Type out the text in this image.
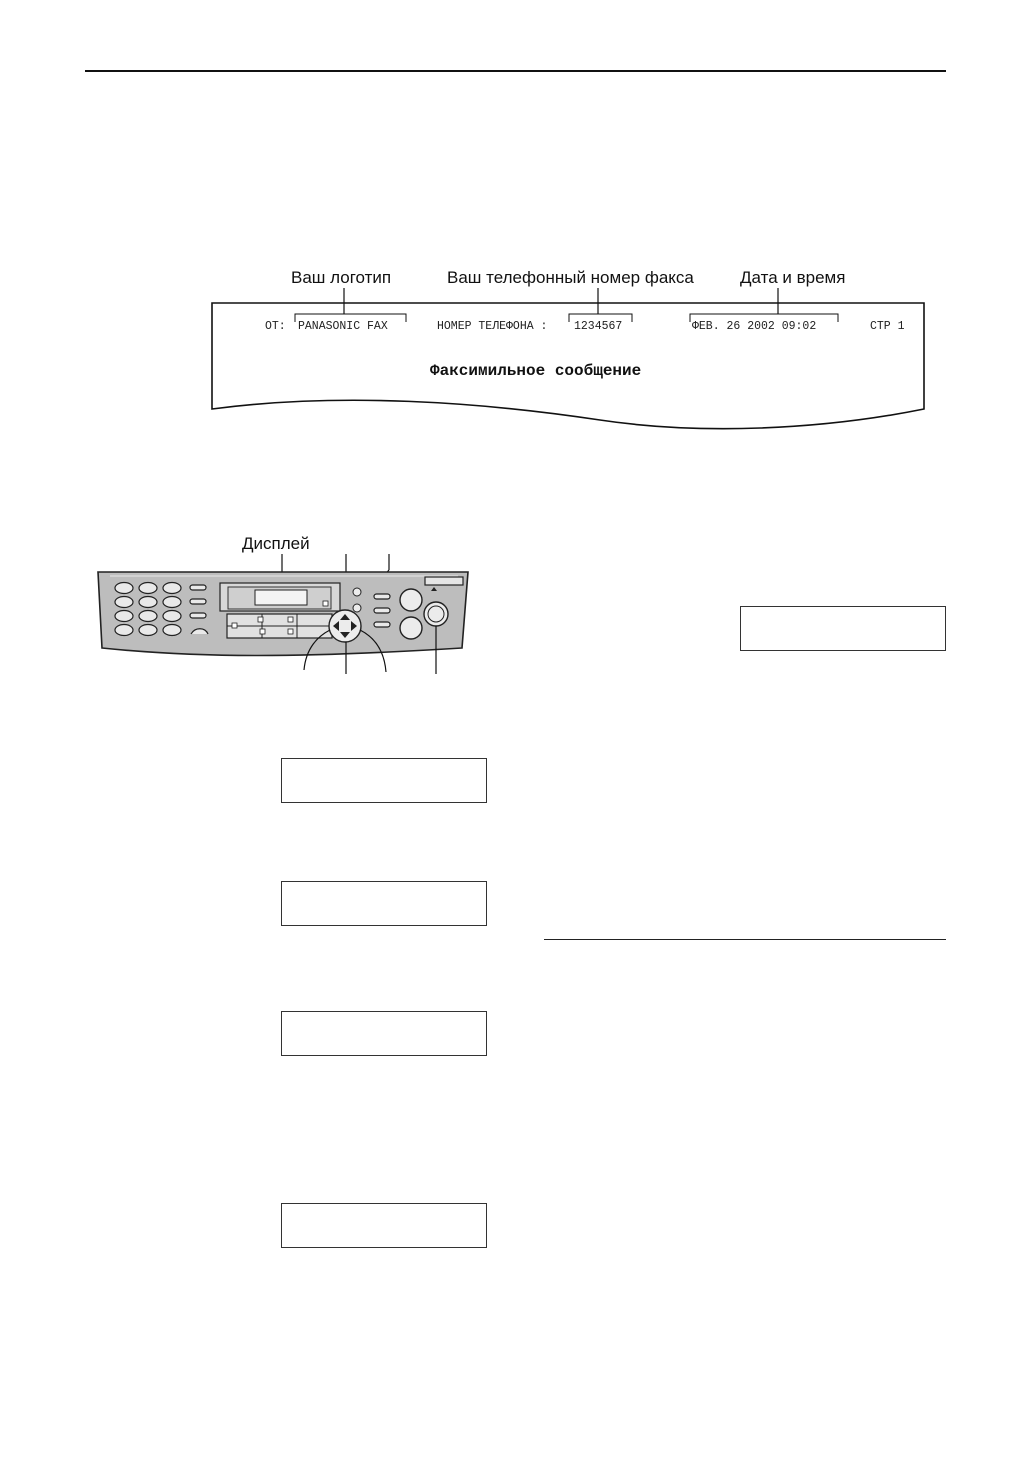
Ваш логотип	Ваш телефонный номер факса	Дата и время
ОТ: PANASONIC FAX	НОМЕР ТЕЛЕФОНА : 1234567	ФЕВ. 26 2002 09:02	СТР 1
Факсимильное сообщение
Дисплей
